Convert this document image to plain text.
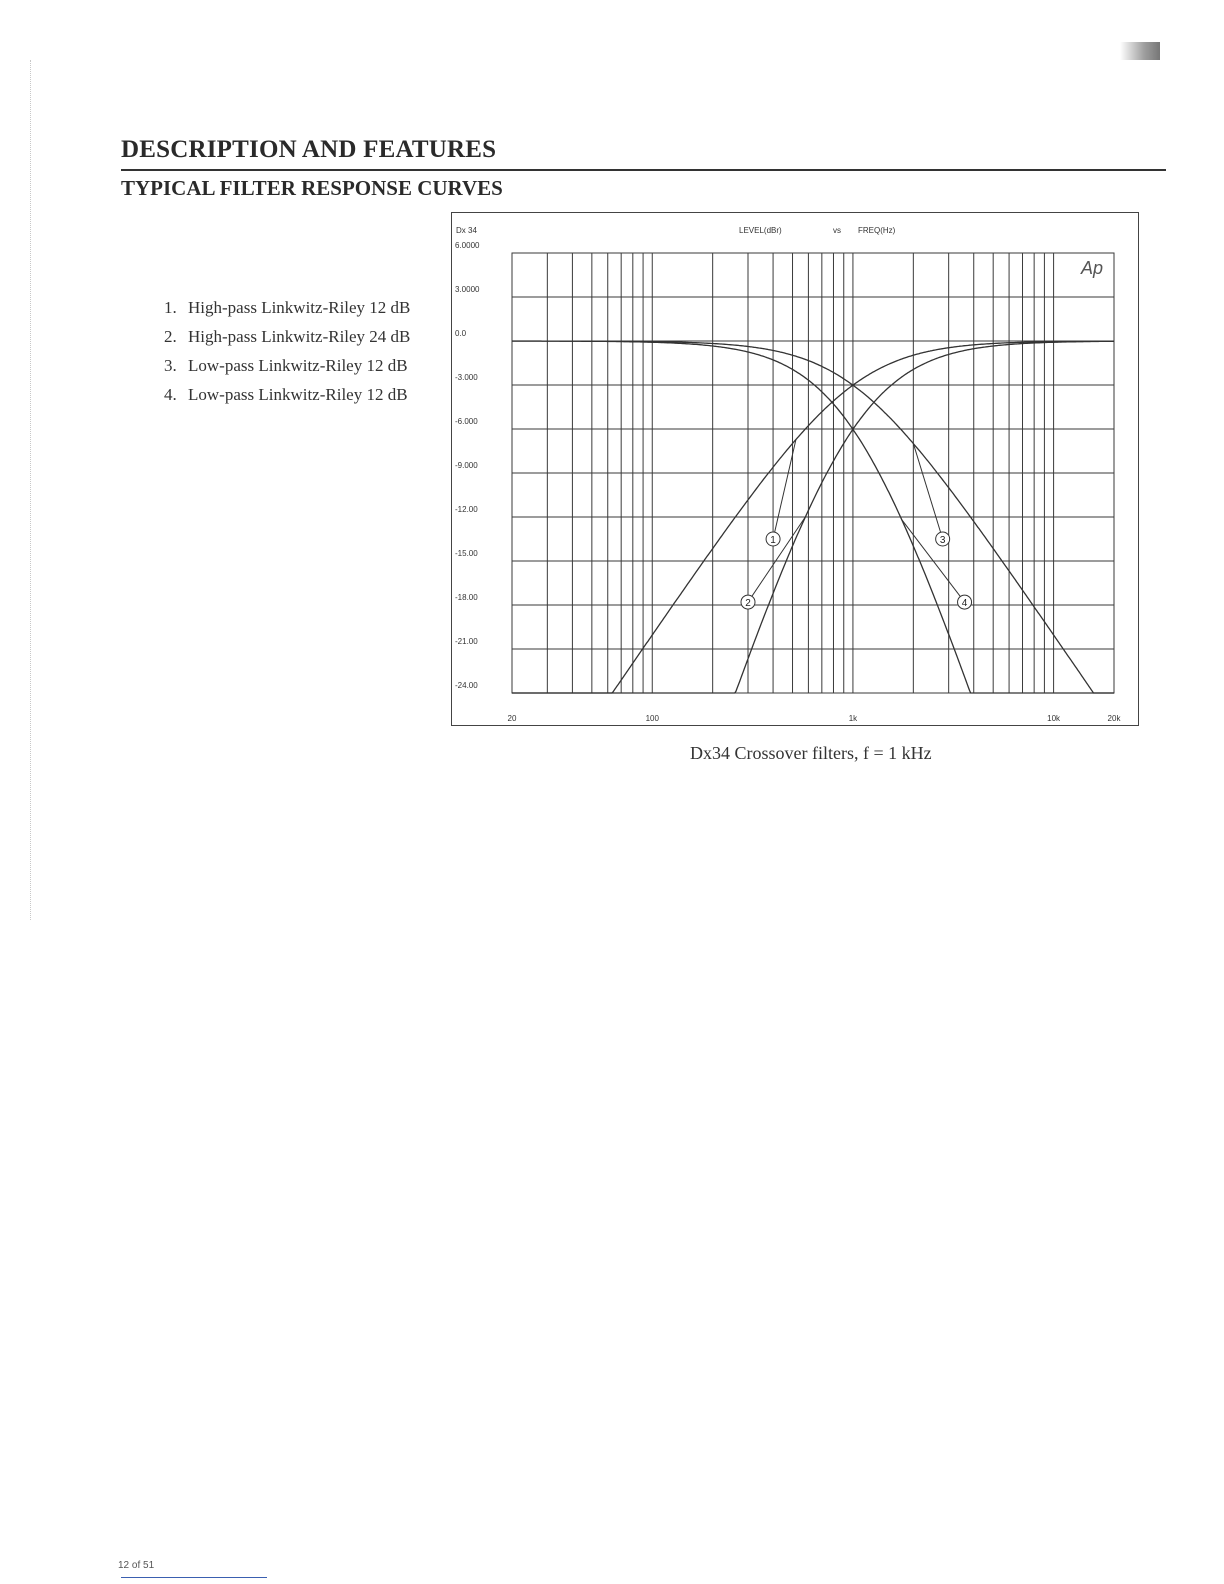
DESCRIPTION AND FEATURES
TYPICAL FILTER RESPONSE CURVES
1. High-pass Linkwitz-Riley 12 dB
2. High-pass Linkwitz-Riley 24 dB
3. Low-pass Linkwitz-Riley 12 dB
4. Low-pass Linkwitz-Riley 12 dB
Dx 34	LEVEL(dBr)	vs FREQ(Hz)
Ap
6.0000
3.0000
0.0
-3.000
-6.000
-9.000
-12.00
-15.00
-18.00
-21.00
-24.00
20	100	1k	10k	20k
1
2
3
4

Dx34 Crossover filters, f = 1 kHz

12 of 51
